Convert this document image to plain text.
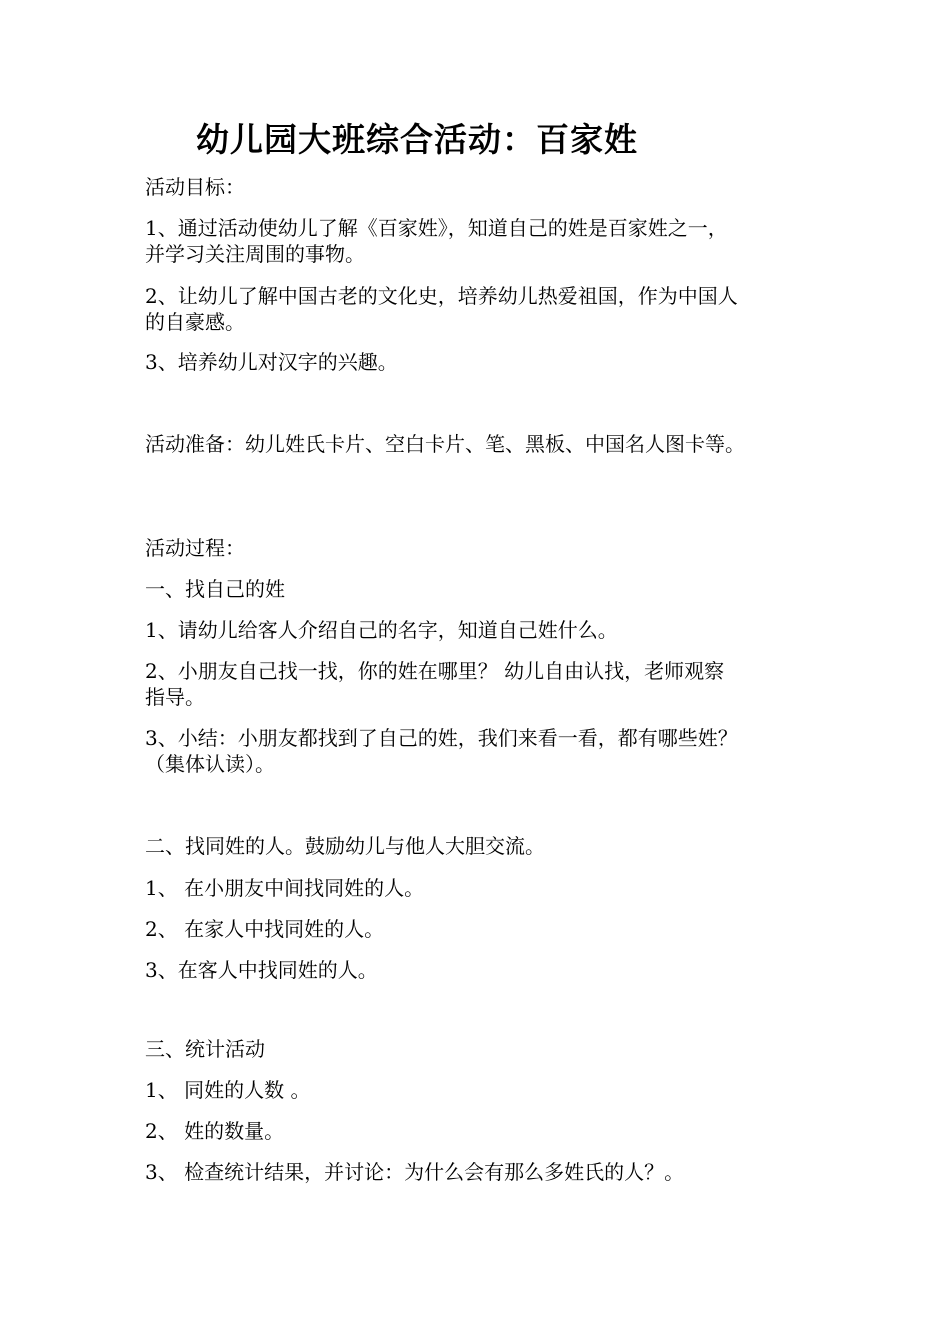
幼儿园大班综合活动：百家姓
活动目标：
1、通过活动使幼儿了解《百家姓》，知道自己的姓是百家姓之一，
并学习关注周围的事物。
2、让幼儿了解中国古老的文化史，培养幼儿热爱祖国，作为中国人
的自豪感。
3、培养幼儿对汉字的兴趣。
活动准备：幼儿姓氏卡片、空白卡片、笔、黑板、中国名人图卡等。
活动过程：
一、找自己的姓
1、请幼儿给客人介绍自己的名字，知道自己姓什么。
2、小朋友自己找一找，你的姓在哪里？ 幼儿自由认找，老师观察
指导。
3、小结：小朋友都找到了自己的姓，我们来看一看，都有哪些姓？
（集体认读）。
二、找同姓的人。鼓励幼儿与他人大胆交流。
1、 在小朋友中间找同姓的人。
2、 在家人中找同姓的人。
3、在客人中找同姓的人。
三、统计活动
1、 同姓的人数 。
2、 姓的数量。
3、 检查统计结果，并讨论：为什么会有那么多姓氏的人？。
